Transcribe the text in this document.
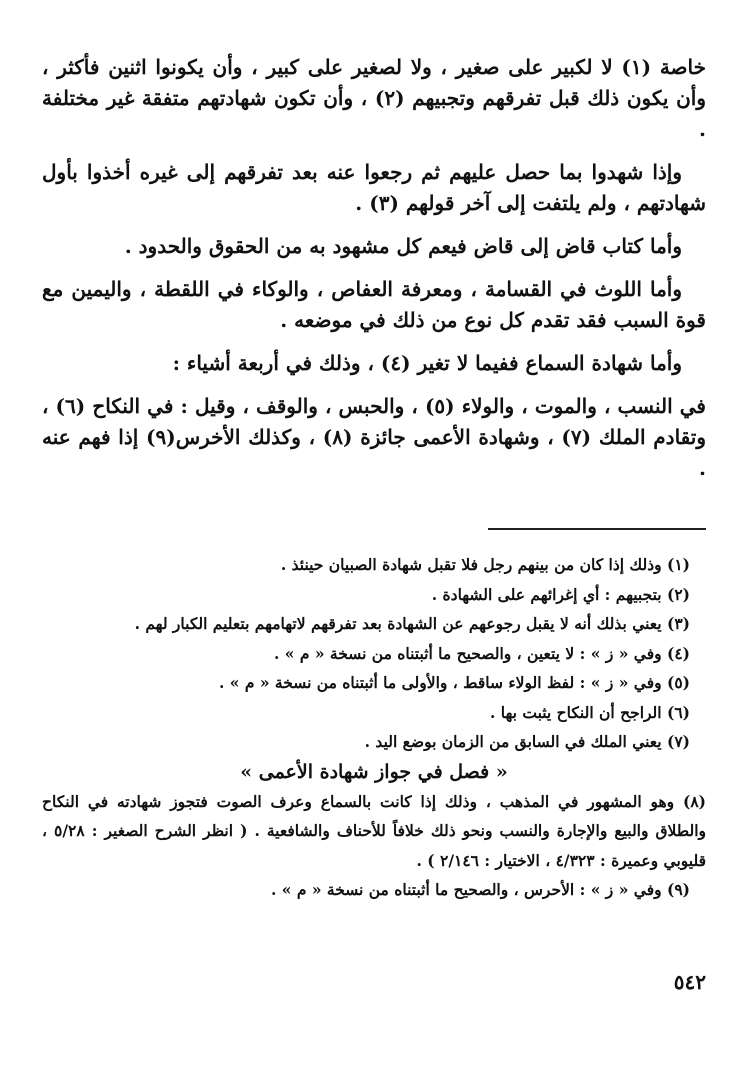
خاصة (١) لا لكبير على صغير ، ولا لصغير على كبير ، وأن يكونوا اثنين فأكثر ، وأن يكون ذلك قبل تفرقهم وتجبيهم (٢) ، وأن تكون شهادتهم متفقة غير مختلفة .

وإذا شهدوا بما حصل عليهم ثم رجعوا عنه بعد تفرقهم إلى غيره أخذوا بأول شهادتهم ، ولم يلتفت إلى آخر قولهم (٣) .

وأما كتاب قاض إلى قاض فيعم كل مشهود به من الحقوق والحدود .

وأما اللوث في القسامة ، ومعرفة العفاص ، والوكاء في اللقطة ، واليمين مع قوة السبب فقد تقدم كل نوع من ذلك في موضعه .

وأما شهادة السماع ففيما لا تغير (٤) ، وذلك في أربعة أشياء :

في النسب ، والموت ، والولاء (٥) ، والحبس ، والوقف ، وقيل : في النكاح (٦) ، وتقادم الملك (٧) ، وشهادة الأعمى جائزة (٨) ، وكذلك الأخرس(٩) إذا فهم عنه .

(١) وذلك إذا كان من بينهم رجل فلا تقبل شهادة الصبيان حينئذ .

(٢) بتجبيهم : أي إغرائهم على الشهادة .

(٣) يعني بذلك أنه لا يقبل رجوعهم عن الشهادة بعد تفرقهم لاتهامهم بتعليم الكبار لهم .

(٤) وفي « ز » : لا يتعين ، والصحيح ما أثبتناه من نسخة « م » .

(٥) وفي « ز » : لفظ الولاء ساقط ، والأولى ما أثبتناه من نسخة « م » .

(٦) الراجح أن النكاح يثبت بها .

(٧) يعني الملك في السابق من الزمان بوضع اليد .

« فصل في جواز شهادة الأعمى »

(٨) وهو المشهور في المذهب ، وذلك إذا كانت بالسماع وعرف الصوت فتجوز شهادته في النكاح والطلاق والبيع والإجارة والنسب ونحو ذلك خلافاً للأحناف والشافعية . ( انظر الشرح الصغير : ٥/٢٨ ، قليوبي وعميرة : ٤/٣٢٣ ، الاختيار : ٢/١٤٦ ) .

(٩) وفي « ز » : الأحرس ، والصحيح ما أثبتناه من نسخة « م » .

٥٤٢
